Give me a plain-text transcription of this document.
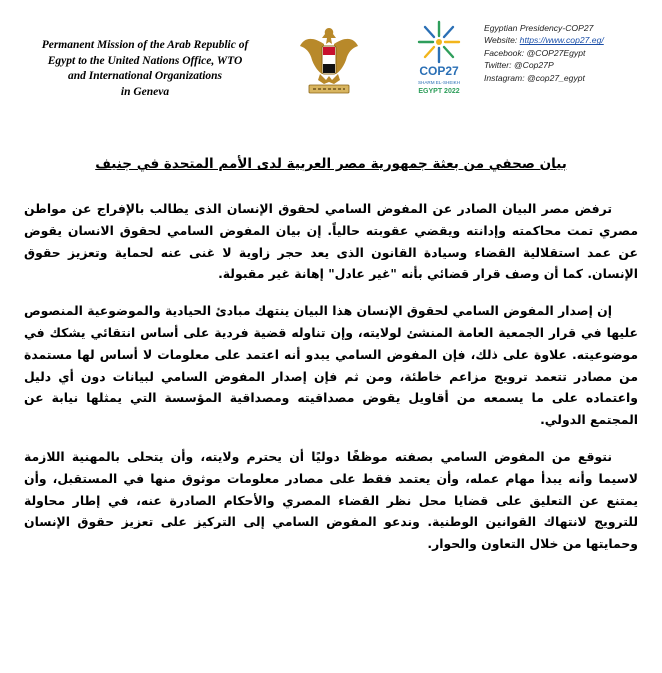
Permanent Mission of the Arab Republic of
Egypt to the United Nations Office, WTO
and International Organizations
in Geneva
COP27
SHARM EL-SHEIKH
EGYPT 2022
Egyptian Presidency-COP27
Website: https://www.cop27.eg/
Facebook: @COP27Egypt
Twitter: @Cop27P
Instagram: @cop27_egypt
بيان صحفي من بعثة جمهورية مصر العربية لدى الأمم المتحدة في جنيف

ترفض مصر البيان الصادر عن المفوض السامي لحقوق الإنسان الذى يطالب بالإفراج عن مواطن مصري تمت محاكمته وإدانته ويقضي عقوبته حالياً. إن بيان المفوض السامي لحقوق الانسان يقوض عن عمد استقلالية القضاء وسيادة القانون الذى يعد حجر زاوية لا غنى عنه لحماية وتعزيز حقوق الإنسان. كما أن وصف قرار قضائي بأنه "غير عادل" إهانة غير مقبولة.

إن إصدار المفوض السامي لحقوق الإنسان هذا البيان ينتهك مبادئ الحيادية والموضوعية المنصوص عليها في قرار الجمعية العامة المنشئ لولايته، وإن تناوله قضية فردية على أساس انتقائي يشكك في موضوعيته. علاوة على ذلك، فإن المفوض السامي يبدو أنه اعتمد على معلومات لا أساس لها مستمدة من مصادر تتعمد ترويج مزاعم خاطئة، ومن ثم فإن إصدار المفوض السامي لبيانات دون أي دليل واعتماده على ما يسمعه من أقاويل يقوض مصداقيته ومصداقية المؤسسة التي يمثلها نيابة عن المجتمع الدولي.

نتوقع من المفوض السامي بصفته موظفًا دوليًا أن يحترم ولايته، وأن يتحلى بالمهنية اللازمة لاسيما وأنه يبدأ مهام عمله، وأن يعتمد فقط على مصادر معلومات موثوق منها في المستقبل، وأن يمتنع عن التعليق على قضايا محل نظر القضاء المصري والأحكام الصادرة عنه، في إطار محاولة للترويج لانتهاك القوانين الوطنية. وندعو المفوض السامي إلى التركيز على تعزيز حقوق الإنسان وحمايتها من خلال التعاون والحوار.
